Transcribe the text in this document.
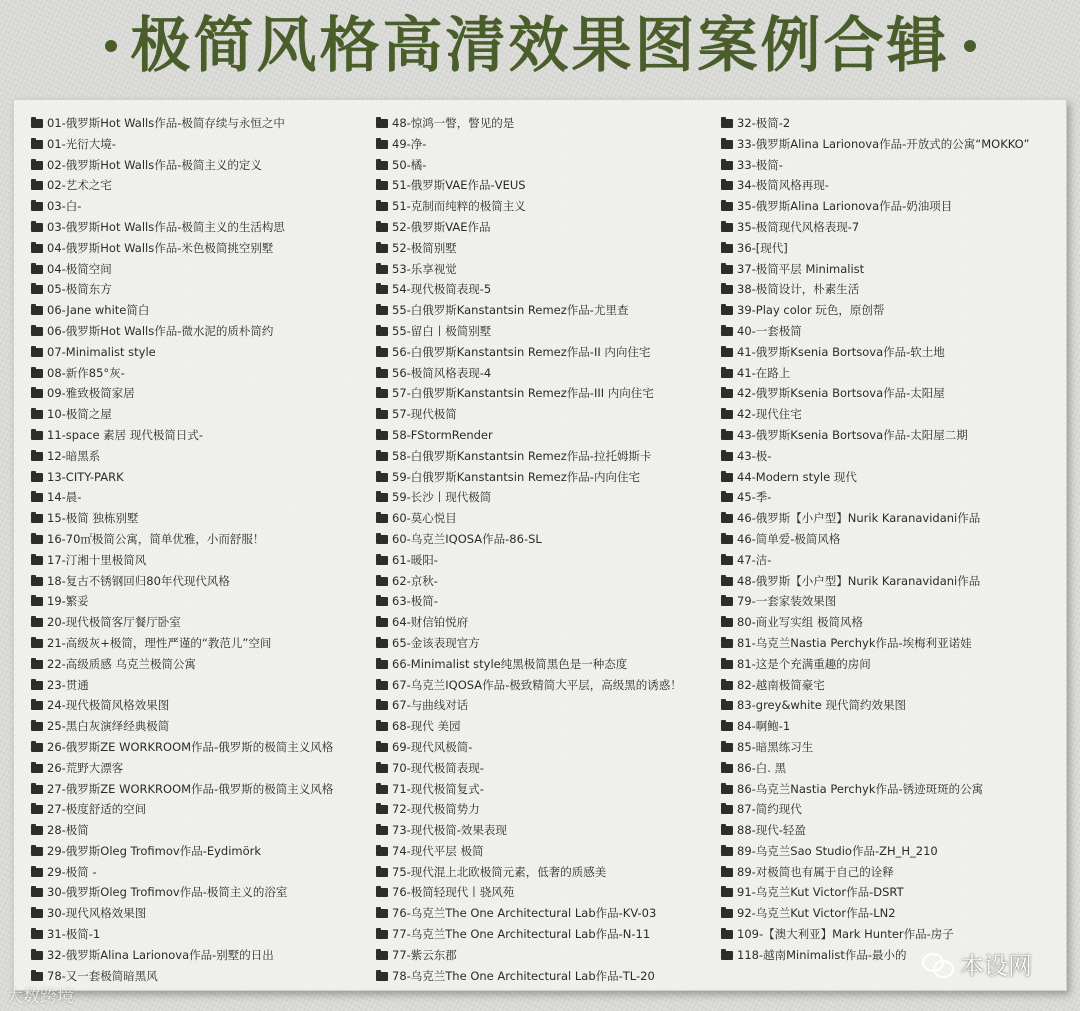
极简风格高清效果图案例合辑
01-俄罗斯Hot Walls作品-极简存续与永恒之中
01-光衍大境-
02-俄罗斯Hot Walls作品-极简主义的定义
02-艺术之宅
03-白-
03-俄罗斯Hot Walls作品-极简主义的生活构思
04-俄罗斯Hot Walls作品-米色极简挑空别墅
04-极简空间
05-极简东方
06-Jane white简白
06-俄罗斯Hot Walls作品-微水泥的质朴简约
07-Minimalist style
08-新作85°灰-
09-雅致极简家居
10-极简之屋
11-space 素居 现代极简日式-
12-暗黑系
13-CITY-PARK
14-晨-
15-极简 独栋别墅
16-70㎡极简公寓，简单优雅，小而舒服！
17-汀湘十里极简风
18-复古不锈钢回归80年代现代风格
19-繁妥
20-现代极简客厅餐厅卧室
21-高级灰+极简，理性严谨的“教范儿”空间
22-高级质感 乌克兰极简公寓
23-贯通
24-现代极简风格效果图
25-黑白灰演绎经典极简
26-俄罗斯ZE WORKROOM作品-俄罗斯的极简主义风格
26-荒野大漂客
27-俄罗斯ZE WORKROOM作品-俄罗斯的极简主义风格
27-极度舒适的空间
28-极简
29-俄罗斯Oleg Trofimov作品-Eydimörk
29-极简 -
30-俄罗斯Oleg Trofimov作品-极简主义的浴室
30-现代风格效果图
31-极简-1
32-俄罗斯Alina Larionova作品-别墅的日出
78-又一套极简暗黑风
48-惊鸿一瞥，瞥见的是
49-净-
50-橘-
51-俄罗斯VAE作品-VEUS
51-克制而纯粹的极简主义
52-俄罗斯VAE作品
52-极简别墅
53-乐享视觉
54-现代极简表现-5
55-白俄罗斯Kanstantsin Remez作品-尤里查
55-留白丨极简别墅
56-白俄罗斯Kanstantsin Remez作品-II 内向住宅
56-极简风格表现-4
57-白俄罗斯Kanstantsin Remez作品-III 内向住宅
57-现代极简
58-FStormRender
58-白俄罗斯Kanstantsin Remez作品-拉托姆斯卡
59-白俄罗斯Kanstantsin Remez作品-内向住宅
59-长沙丨现代极简
60-莫心悦目
60-乌克兰IQOSA作品-86-SL
61-暖阳-
62-京秋-
63-极简-
64-财信铂悦府
65-金该表现官方
66-Minimalist style纯黑极简黑色是一种态度
67-乌克兰IQOSA作品-极致精简大平层，高级黑的诱惑！
67-与曲线对话
68-现代 美园
69-现代风极简-
70-现代极简表现-
71-现代极简复式-
72-现代极简势力
73-现代极简-效果表现
74-现代平层 极简
75-现代混上北欧极简元素，低奢的质感美
76-极简轻现代丨骁风苑
76-乌克兰The One Architectural Lab作品-KV-03
77-乌克兰The One Architectural Lab作品-N-11
77-紫云东郡
78-乌克兰The One Architectural Lab作品-TL-20
32-极简-2
33-俄罗斯Alina Larionova作品-开放式的公寓“MOKKO”
33-极简-
34-极简风格再现-
35-俄罗斯Alina Larionova作品-奶油项目
35-极简现代风格表现-7
36-[现代]
37-极简平层 Minimalist
38-极简设计，朴素生活
39-Play color 玩色，原创帮
40-一套极简
41-俄罗斯Ksenia Bortsova作品-软土地
41-在路上
42-俄罗斯Ksenia Bortsova作品-太阳屋
42-现代住宅
43-俄罗斯Ksenia Bortsova作品-太阳屋二期
43-极-
44-Modern style 现代
45-季-
46-俄罗斯【小户型】Nurik Karanavidani作品
46-简单爱-极简风格
47-洁-
48-俄罗斯【小户型】Nurik Karanavidani作品
79-一套家装效果图
80-商业写实组 极简风格
81-乌克兰Nastia Perchyk作品-埃梅利亚诺娃
81-这是个充满重趣的房间
82-越南极简豪宅
83-grey&white 现代简约效果图
84-啊鲍-1
85-暗黑练习生
86-白. 黑
86-乌克兰Nastia Perchyk作品-锈迹斑斑的公寓
87-简约现代
88-现代-轻盈
89-乌克兰Sao Studio作品-ZH_H_210
89-对极简也有属于自己的诠释
91-乌克兰Kut Victor作品-DSRT
92-乌克兰Kut Victor作品-LN2
109-【澳大利亚】Mark Hunter作品-房子
118-越南Minimalist作品-最小的
大数跨境
本设网
